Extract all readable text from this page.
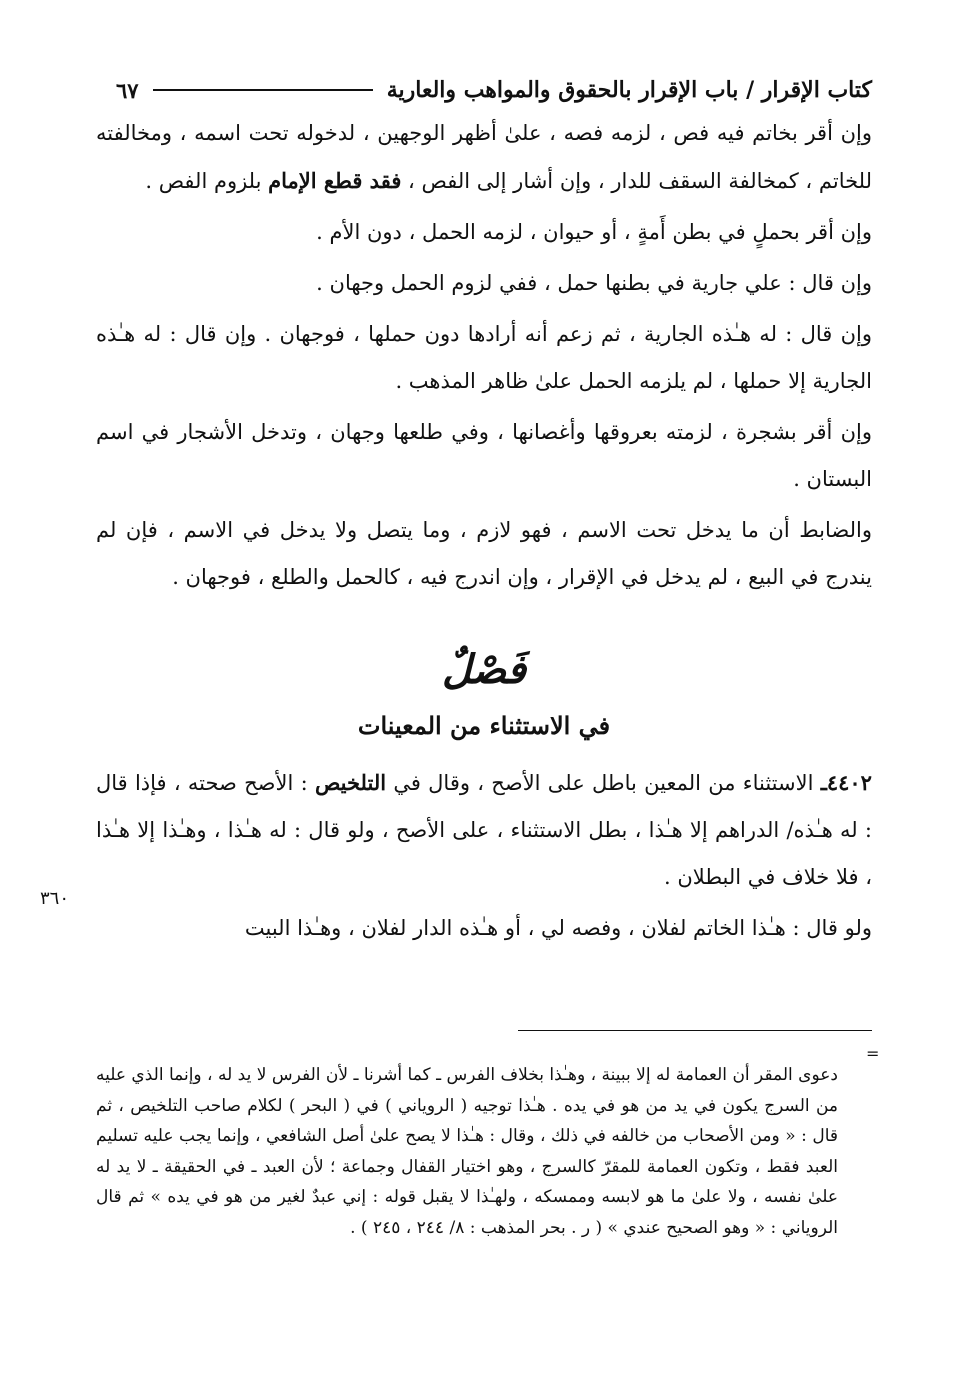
كتاب الإقرار / باب الإقرار بالحقوق والمواهب والعارية
٦٧

وإن أقر بخاتم فيه فص ، لزمه فصه ، علىٰ أظهر الوجهين ، لدخوله تحت اسمه ، ومخالفته للخاتم ، كمخالفة السقف للدار ، وإن أشار إلى الفص ، فقد قطع الإمام بلزوم الفص .

وإن أقر بحملٍ في بطن أَمةٍ ، أو حيوان ، لزمه الحمل ، دون الأم .

وإن قال : علي جارية في بطنها حمل ، ففي لزوم الحمل وجهان .

وإن قال : له هـٰذه الجارية ، ثم زعم أنه أرادها دون حملها ، فوجهان . وإن قال : له هـٰذه الجارية إلا حملها ، لم يلزمه الحمل علىٰ ظاهر المذهب .

وإن أقر بشجرة ، لزمته بعروقها وأغصانها ، وفي طلعها وجهان ، وتدخل الأشجار في اسم البستان .

والضابط أن ما يدخل تحت الاسم ، فهو لازم ، وما يتصل ولا يدخل في الاسم ، فإن لم يندرج في البيع ، لم يدخل في الإقرار ، وإن اندرج فيه ، كالحمل والطلع ، فوجهان .

فَصْلٌ
في الاستثناء من المعينات

٤٤٠٢ـ الاستثناء من المعين باطل على الأصح ، وقال في التلخيص : الأصح صحته ، فإذا قال : له هـٰذه/ الدراهم إلا هـٰذا ، بطل الاستثناء ، على الأصح ، ولو قال : له هـٰذا ، وهـٰذا إلا هـٰذا ، فلا خلاف في البطلان .

ولو قال : هـٰذا الخاتم لفلان ، وفصه لي ، أو هـٰذه الدار لفلان ، وهـٰذا البيت

٣٦٠
=

دعوى المقر أن العمامة له إلا ببينة ، وهـٰذا بخلاف الفرس ـ كما أشرنا ـ لأن الفرس لا يد له ، وإنما الذي عليه من السرج يكون في يد من هو في يده . هـٰذا توجيه ( الروياني ) في ( البحر ) لكلام صاحب التلخيص ، ثم قال : « ومن الأصحاب من خالفه في ذلك ، وقال : هـٰذا لا يصح علىٰ أصل الشافعي ، وإنما يجب عليه تسليم العبد فقط ، وتكون العمامة للمقرّ كالسرج ، وهو اختيار القفال وجماعة ؛ لأن العبد ـ في الحقيقة ـ لا يد له علىٰ نفسه ، ولا علىٰ ما هو لابسه وممسكه ، ولهـٰذا لا يقبل قوله : إني عبدٌ لغير من هو في يده » ثم قال الروياني : « وهو الصحيح عندي » ( ر . بحر المذهب : ٨/ ٢٤٤ ، ٢٤٥ ) .
